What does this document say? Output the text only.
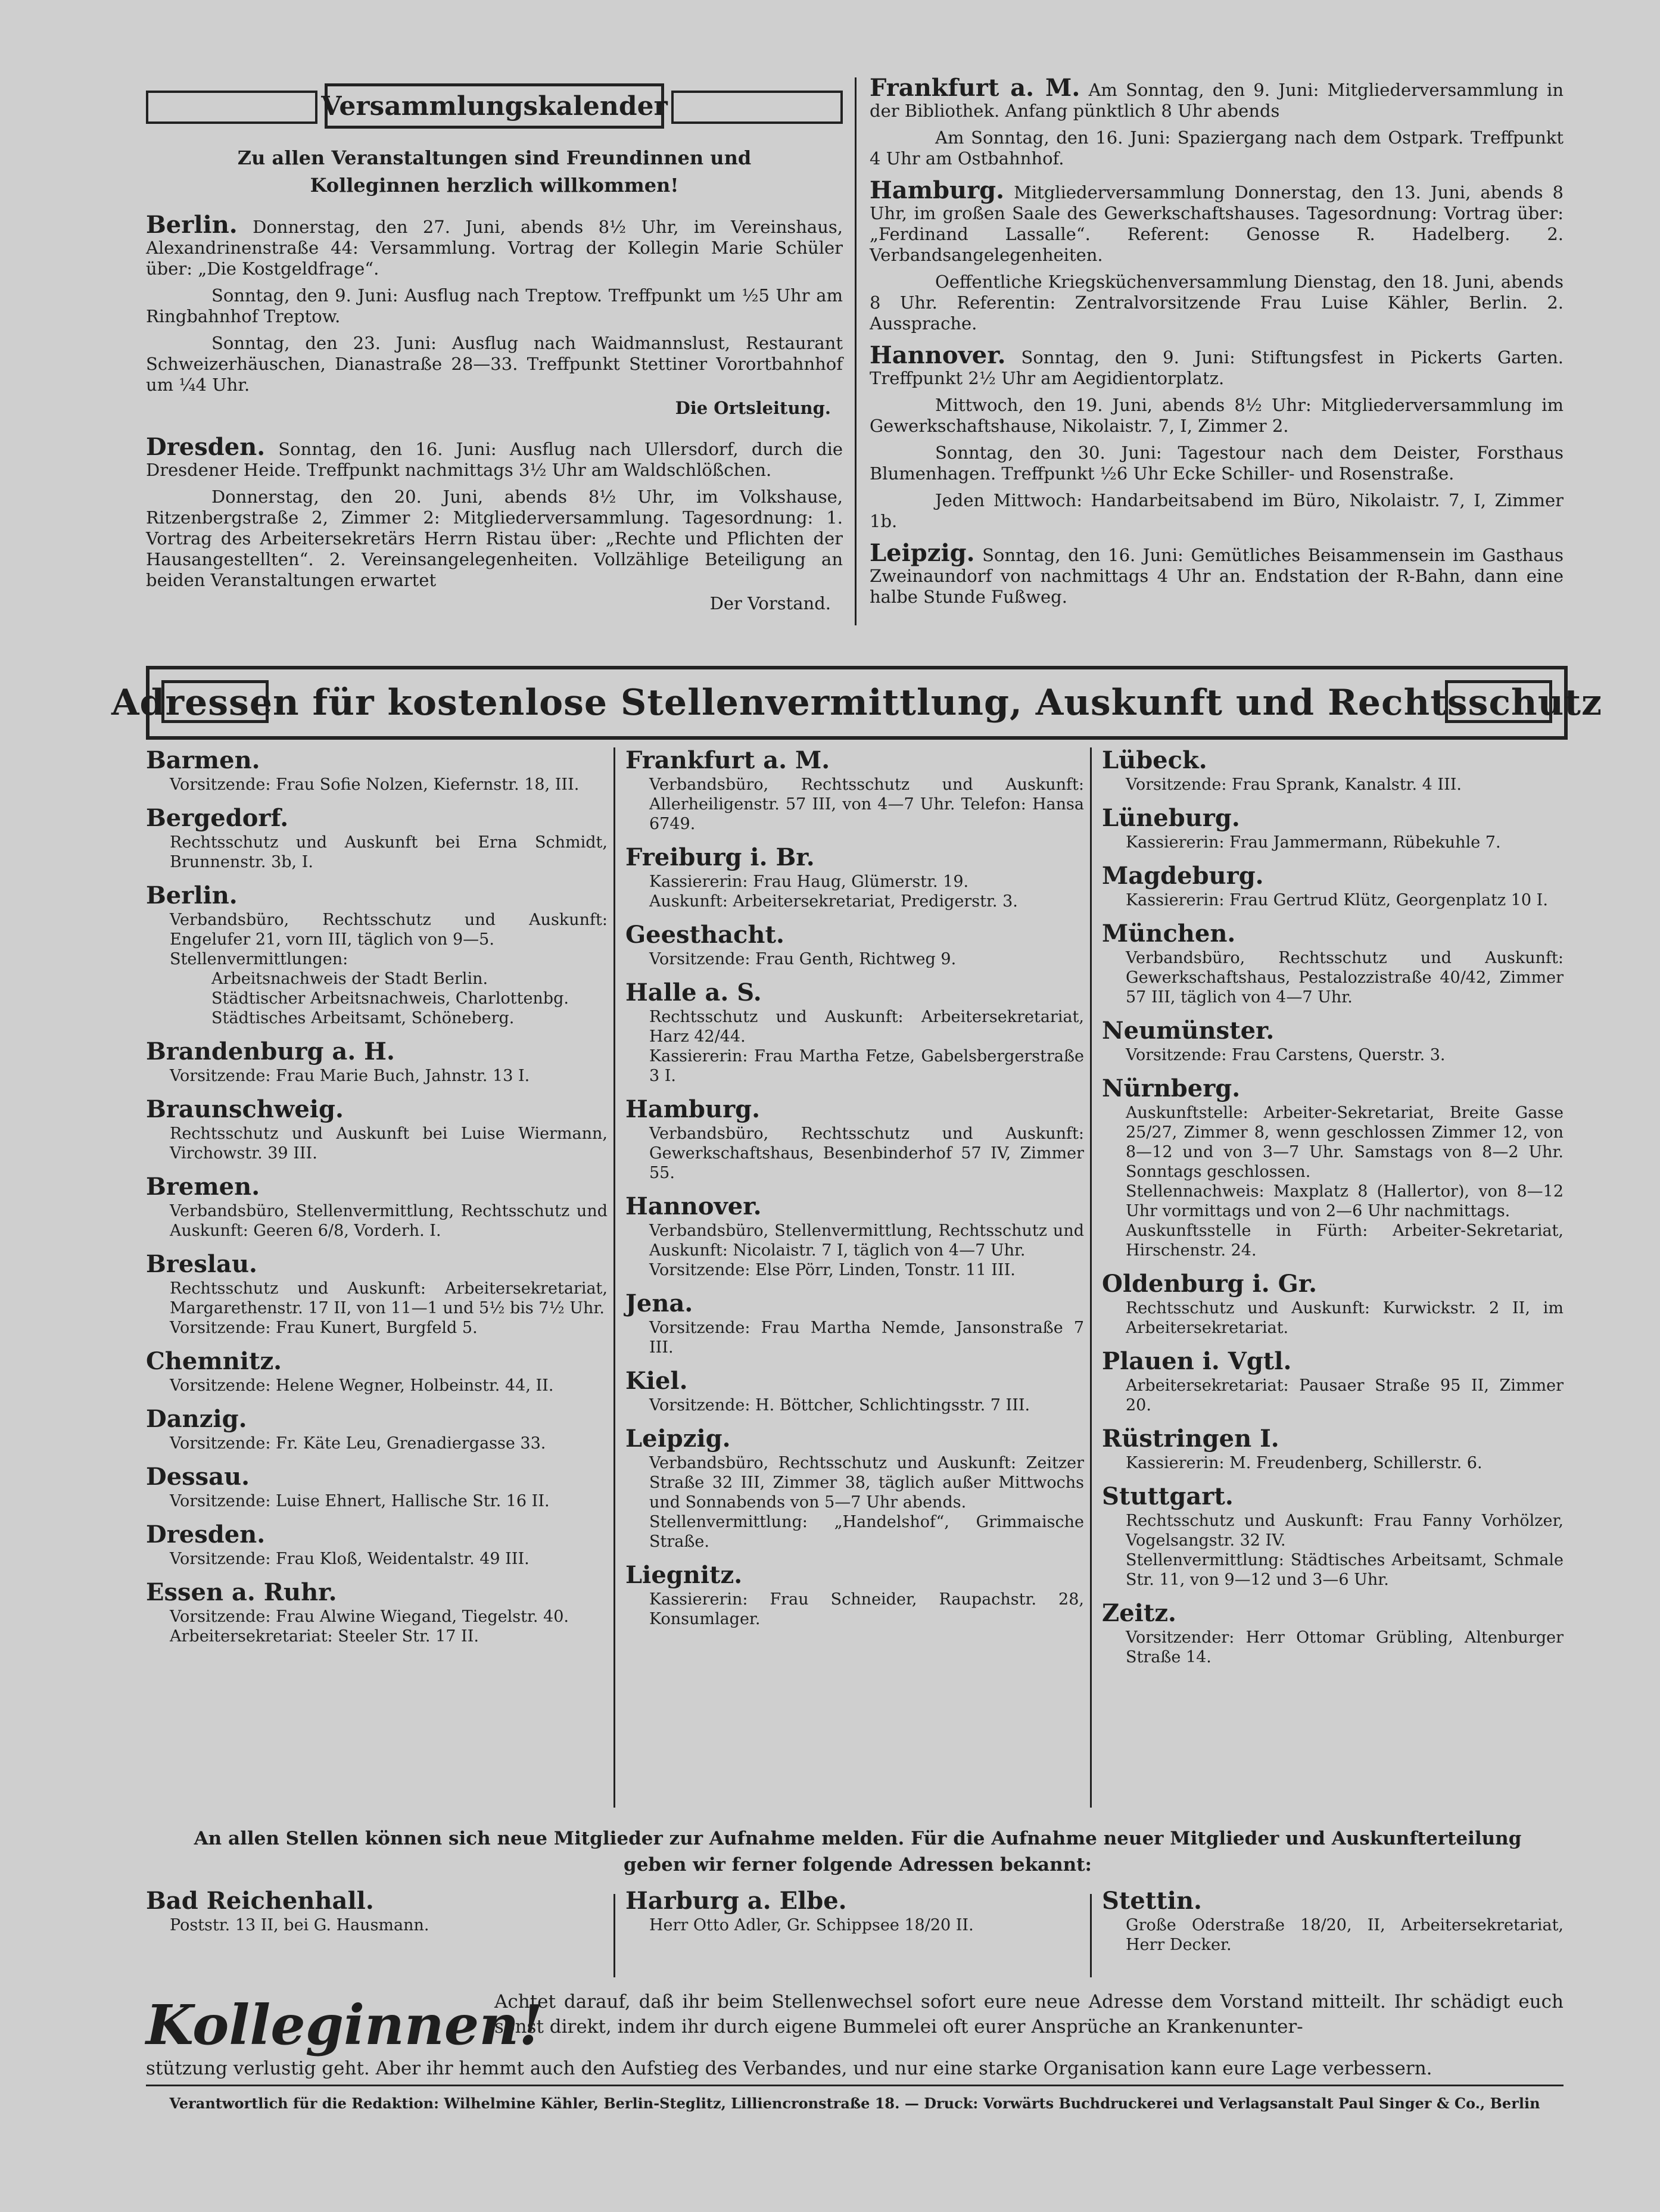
Versammlungskalender
Zu allen Veranstaltungen sind Freundinnen und Kolleginnen herzlich willkommen!

Berlin. Donnerstag, den 27. Juni, abends 8½ Uhr, im Vereinshaus, Alexandrinenstraße 44: Versammlung. Vortrag der Kollegin Marie Schüler über: „Die Kostgeldfrage“.

Sonntag, den 9. Juni: Ausflug nach Treptow. Treffpunkt um ½5 Uhr am Ringbahnhof Treptow.

Sonntag, den 23. Juni: Ausflug nach Waidmannslust, Restaurant Schweizerhäuschen, Dianastraße 28—33. Treffpunkt Stettiner Vorortbahnhof um ¼4 Uhr.

Die Ortsleitung.

Dresden. Sonntag, den 16. Juni: Ausflug nach Ullersdorf, durch die Dresdener Heide. Treffpunkt nachmittags 3½ Uhr am Waldschlößchen.

Donnerstag, den 20. Juni, abends 8½ Uhr, im Volkshause, Ritzenbergstraße 2, Zimmer 2: Mitgliederversammlung. Tagesordnung: 1. Vortrag des Arbeitersekretärs Herrn Ristau über: „Rechte und Pflichten der Hausangestellten“. 2. Vereinsangelegenheiten. Vollzählige Beteiligung an beiden Veranstaltungen erwartet

Der Vorstand.

Frankfurt a. M. Am Sonntag, den 9. Juni: Mitgliederversammlung in der Bibliothek. Anfang pünktlich 8 Uhr abends

Am Sonntag, den 16. Juni: Spaziergang nach dem Ostpark. Treffpunkt 4 Uhr am Ostbahnhof.

Hamburg. Mitgliederversammlung Donnerstag, den 13. Juni, abends 8 Uhr, im großen Saale des Gewerkschaftshauses. Tagesordnung: Vortrag über: „Ferdinand Lassalle“. Referent: Genosse R. Hadelberg. 2. Verbandsangelegenheiten.

Oeffentliche Kriegsküchenversammlung Dienstag, den 18. Juni, abends 8 Uhr. Referentin: Zentralvorsitzende Frau Luise Kähler, Berlin. 2. Aussprache.

Hannover. Sonntag, den 9. Juni: Stiftungsfest in Pickerts Garten. Treffpunkt 2½ Uhr am Aegidientorplatz.

Mittwoch, den 19. Juni, abends 8½ Uhr: Mitgliederversammlung im Gewerkschaftshause, Nikolaistr. 7, I, Zimmer 2.

Sonntag, den 30. Juni: Tagestour nach dem Deister, Forsthaus Blumenhagen. Treffpunkt ½6 Uhr Ecke Schiller- und Rosenstraße.

Jeden Mittwoch: Handarbeitsabend im Büro, Nikolaistr. 7, I, Zimmer 1b.

Leipzig. Sonntag, den 16. Juni: Gemütliches Beisammensein im Gasthaus Zweinaundorf von nachmittags 4 Uhr an. Endstation der R-Bahn, dann eine halbe Stunde Fußweg.

Adressen für kostenlose Stellenvermittlung, Auskunft und Rechtsschutz
Barmen.
Vorsitzende: Frau Sofie Nolzen, Kiefernstr. 18, III.
Bergedorf.
Rechtsschutz und Auskunft bei Erna Schmidt, Brunnenstr. 3b, I.
Berlin.
Verbandsbüro, Rechtsschutz und Auskunft: Engelufer 21, vorn III, täglich von 9—5.
Stellenvermittlungen:
Arbeitsnachweis der Stadt Berlin.
Städtischer Arbeitsnachweis, Charlottenbg.
Städtisches Arbeitsamt, Schöneberg.
Brandenburg a. H.
Vorsitzende: Frau Marie Buch, Jahnstr. 13 I.
Braunschweig.
Rechtsschutz und Auskunft bei Luise Wiermann, Virchowstr. 39 III.
Bremen.
Verbandsbüro, Stellenvermittlung, Rechtsschutz und Auskunft: Geeren 6/8, Vorderh. I.
Breslau.
Rechtsschutz und Auskunft: Arbeitersekretariat, Margarethenstr. 17 II, von 11—1 und 5½ bis 7½ Uhr.
Vorsitzende: Frau Kunert, Burgfeld 5.
Chemnitz.
Vorsitzende: Helene Wegner, Holbeinstr. 44, II.
Danzig.
Vorsitzende: Fr. Käte Leu, Grenadiergasse 33.
Dessau.
Vorsitzende: Luise Ehnert, Hallische Str. 16 II.
Dresden.
Vorsitzende: Frau Kloß, Weidentalstr. 49 III.
Essen a. Ruhr.
Vorsitzende: Frau Alwine Wiegand, Tiegelstr. 40.
Arbeitersekretariat: Steeler Str. 17 II.
Frankfurt a. M.
Verbandsbüro, Rechtsschutz und Auskunft: Allerheiligenstr. 57 III, von 4—7 Uhr. Telefon: Hansa 6749.
Freiburg i. Br.
Kassiererin: Frau Haug, Glümerstr. 19.
Auskunft: Arbeitersekretariat, Predigerstr. 3.
Geesthacht.
Vorsitzende: Frau Genth, Richtweg 9.
Halle a. S.
Rechtsschutz und Auskunft: Arbeitersekretariat, Harz 42/44.
Kassiererin: Frau Martha Fetze, Gabelsbergerstraße 3 I.
Hamburg.
Verbandsbüro, Rechtsschutz und Auskunft: Gewerkschaftshaus, Besenbinderhof 57 IV, Zimmer 55.
Hannover.
Verbandsbüro, Stellenvermittlung, Rechtsschutz und Auskunft: Nicolaistr. 7 I, täglich von 4—7 Uhr.
Vorsitzende: Else Pörr, Linden, Tonstr. 11 III.
Jena.
Vorsitzende: Frau Martha Nemde, Jansonstraße 7 III.
Kiel.
Vorsitzende: H. Böttcher, Schlichtingsstr. 7 III.
Leipzig.
Verbandsbüro, Rechtsschutz und Auskunft: Zeitzer Straße 32 III, Zimmer 38, täglich außer Mittwochs und Sonnabends von 5—7 Uhr abends.
Stellenvermittlung: „Handelshof“, Grimmaische Straße.
Liegnitz.
Kassiererin: Frau Schneider, Raupachstr. 28, Konsumlager.
Lübeck.
Vorsitzende: Frau Sprank, Kanalstr. 4 III.
Lüneburg.
Kassiererin: Frau Jammermann, Rübekuhle 7.
Magdeburg.
Kassiererin: Frau Gertrud Klütz, Georgenplatz 10 I.
München.
Verbandsbüro, Rechtsschutz und Auskunft: Gewerkschaftshaus, Pestalozzistraße 40/42, Zimmer 57 III, täglich von 4—7 Uhr.
Neumünster.
Vorsitzende: Frau Carstens, Querstr. 3.
Nürnberg.
Auskunftstelle: Arbeiter-Sekretariat, Breite Gasse 25/27, Zimmer 8, wenn geschlossen Zimmer 12, von 8—12 und von 3—7 Uhr. Samstags von 8—2 Uhr. Sonntags geschlossen.
Stellennachweis: Maxplatz 8 (Hallertor), von 8—12 Uhr vormittags und von 2—6 Uhr nachmittags.
Auskunftsstelle in Fürth: Arbeiter-Sekretariat, Hirschenstr. 24.
Oldenburg i. Gr.
Rechtsschutz und Auskunft: Kurwickstr. 2 II, im Arbeitersekretariat.
Plauen i. Vgtl.
Arbeitersekretariat: Pausaer Straße 95 II, Zimmer 20.
Rüstringen I.
Kassiererin: M. Freudenberg, Schillerstr. 6.
Stuttgart.
Rechtsschutz und Auskunft: Frau Fanny Vorhölzer, Vogelsangstr. 32 IV.
Stellenvermittlung: Städtisches Arbeitsamt, Schmale Str. 11, von 9—12 und 3—6 Uhr.
Zeitz.
Vorsitzender: Herr Ottomar Grübling, Altenburger Straße 14.
An allen Stellen können sich neue Mitglieder zur Aufnahme melden. Für die Aufnahme neuer Mitglieder und Auskunfterteilung geben wir ferner folgende Adressen bekannt:
Bad Reichenhall.
Poststr. 13 II, bei G. Hausmann.
Harburg a. Elbe.
Herr Otto Adler, Gr. Schippsee 18/20 II.
Stettin.
Große Oderstraße 18/20, II, Arbeitersekretariat, Herr Decker.
Kolleginnen!
Achtet darauf, daß ihr beim Stellenwechsel sofort eure neue Adresse dem Vorstand mitteilt. Ihr schädigt euch sonst direkt, indem ihr durch eigene Bummelei oft eurer Ansprüche an Krankenunter-
stützung verlustig geht. Aber ihr hemmt auch den Aufstieg des Verbandes, und nur eine starke Organisation kann eure Lage verbessern.
Verantwortlich für die Redaktion: Wilhelmine Kähler, Berlin-Steglitz, Lilliencronstraße 18. — Druck: Vorwärts Buchdruckerei und Verlagsanstalt Paul Singer & Co., Berlin
